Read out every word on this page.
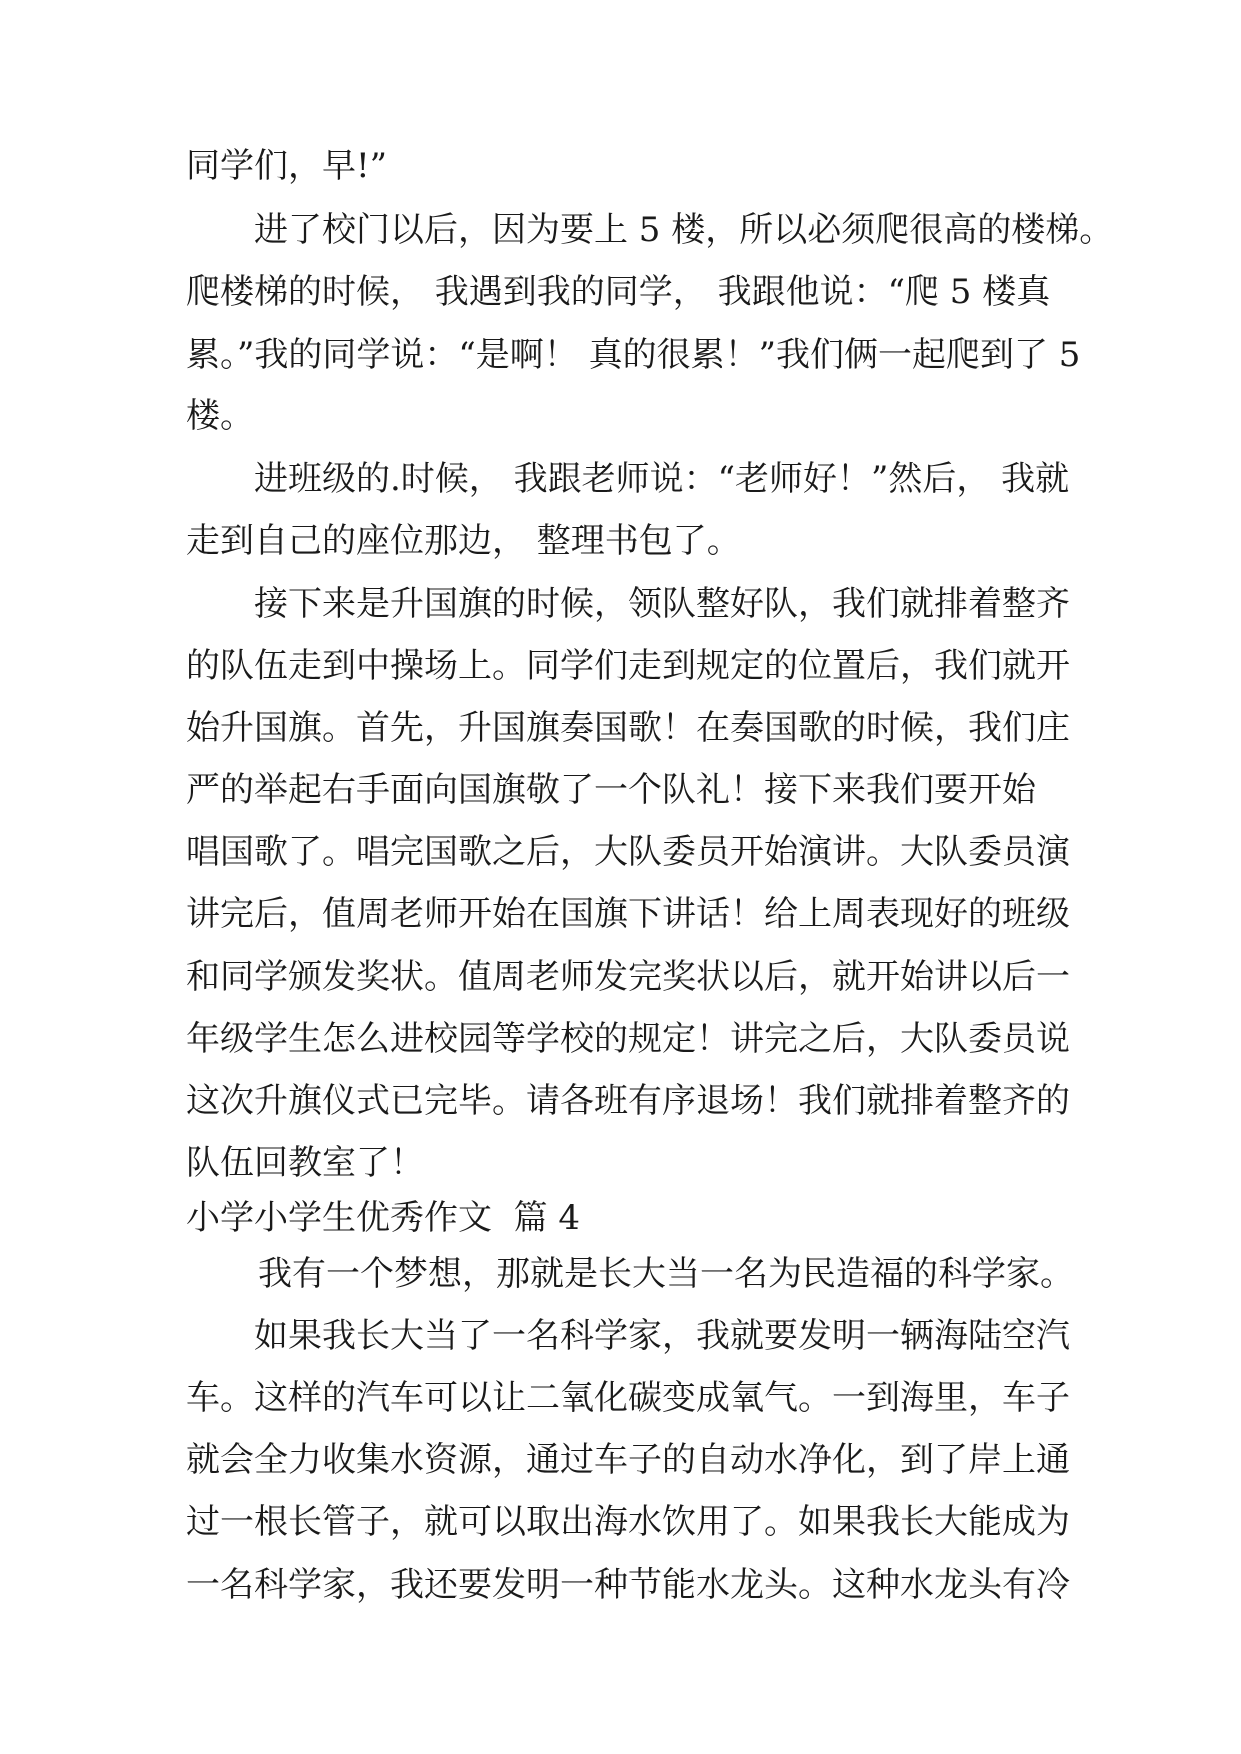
同学们，早!”
进了校门以后，因为要上 5 楼，所以必须爬很高的楼梯。
爬楼梯的时候， 我遇到我的同学， 我跟他说：“爬 5 楼真
累。”我的同学说：“是啊！ 真的很累！”我们俩一起爬到了 5
楼。
进班级的.时候， 我跟老师说：“老师好！”然后， 我就
走到自己的座位那边， 整理书包了。
接下来是升国旗的时候，领队整好队，我们就排着整齐
的队伍走到中操场上。同学们走到规定的位置后，我们就开
始升国旗。首先，升国旗奏国歌！在奏国歌的时候，我们庄
严的举起右手面向国旗敬了一个队礼！接下来我们要开始
唱国歌了。唱完国歌之后，大队委员开始演讲。大队委员演
讲完后，值周老师开始在国旗下讲话！给上周表现好的班级
和同学颁发奖状。值周老师发完奖状以后，就开始讲以后一
年级学生怎么进校园等学校的规定！讲完之后，大队委员说
这次升旗仪式已完毕。请各班有序退场！我们就排着整齐的
队伍回教室了！
小学小学生优秀作文  篇 4
我有一个梦想，那就是长大当一名为民造福的科学家。
如果我长大当了一名科学家，我就要发明一辆海陆空汽
车。这样的汽车可以让二氧化碳变成氧气。一到海里，车子
就会全力收集水资源，通过车子的自动水净化，到了岸上通
过一根长管子，就可以取出海水饮用了。如果我长大能成为
一名科学家，我还要发明一种节能水龙头。这种水龙头有冷
